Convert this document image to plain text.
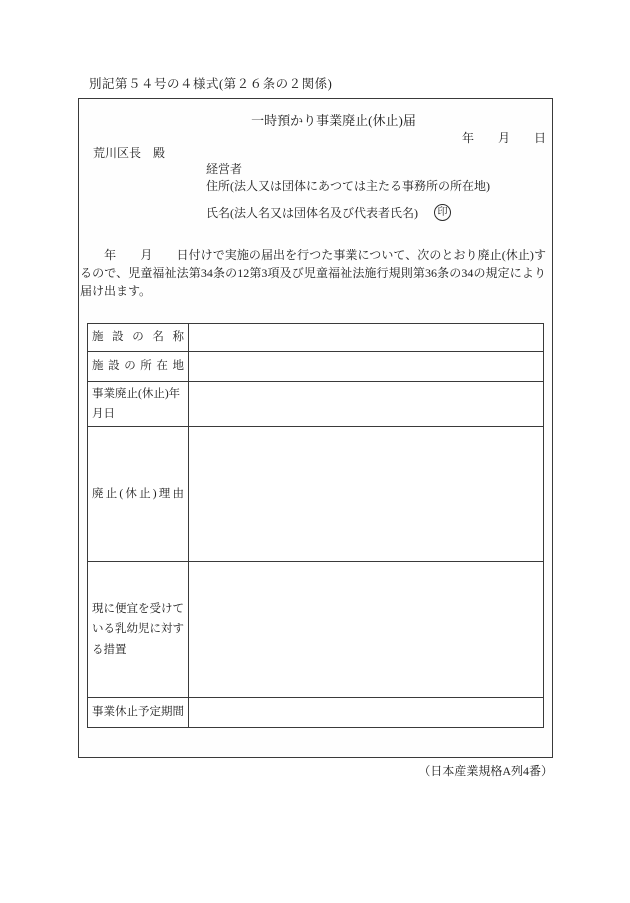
別記第５４号の４様式(第２６条の２関係)
一時預かり事業廃止(休止)届
年　　月　　日
荒川区長　殿
経営者
住所(法人又は団体にあつては主たる事務所の所在地)
氏名(法人名又は団体名及び代表者氏名)	印
　　年　　月　　日付けで実施の届出を行つた事業について、次のとおり廃止(休止)するので、児童福祉法第34条の12第3項及び児童福祉法施行規則第36条の34の規定により届け出ます。
施設の名称
施設の所在地
事業廃止(休止)年月日
廃止(休止)理由
現に便宜を受けている乳幼児に対する措置
事業休止予定期間
（日本産業規格A列4番）
